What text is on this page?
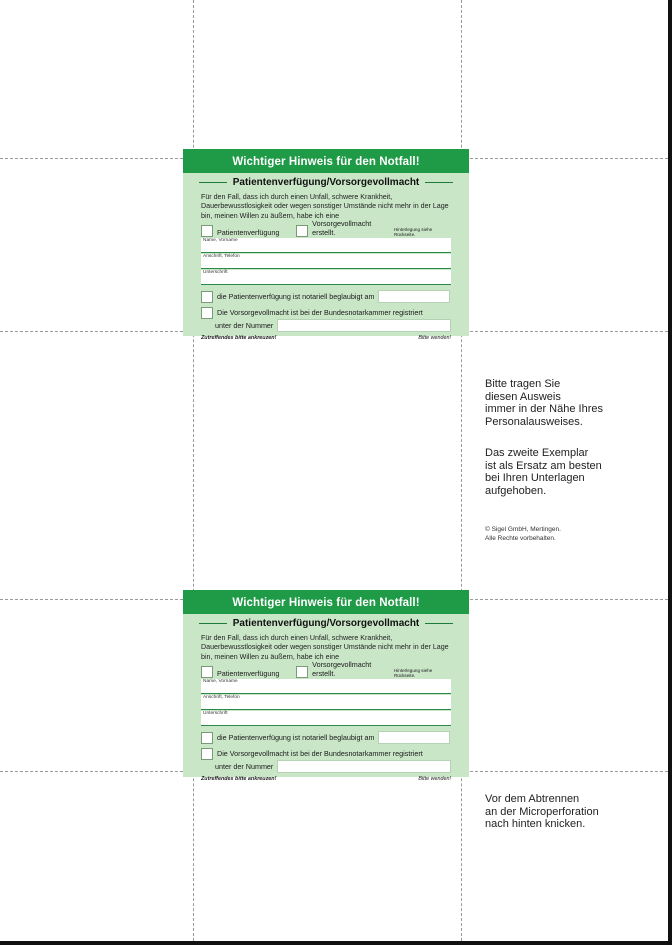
Wichtiger Hinweis für den Notfall!
Patientenverfügung/Vorsorgevollmacht
Für den Fall, dass ich durch einen Unfall, schwere Krankheit, Dauerbewusstlosigkeit oder wegen sonstiger Umstände nicht mehr in der Lage bin, meinen Willen zu äußern, habe ich eine
Patientenverfügung
Vorsorgevollmacht erstellt.	Hinterlegung siehe Rückseite.
Name, Vorname
Anschrift, Telefon
Unterschrift
die Patientenverfügung ist notariell beglaubigt am
Die Vorsorgevollmacht ist bei der Bundesnotarkammer registriert
unter der Nummer
Zutreffendes bitte ankreuzen!	Bitte wenden!
Wichtiger Hinweis für den Notfall!
Patientenverfügung/Vorsorgevollmacht
Für den Fall, dass ich durch einen Unfall, schwere Krankheit, Dauerbewusstlosigkeit oder wegen sonstiger Umstände nicht mehr in der Lage bin, meinen Willen zu äußern, habe ich eine
Patientenverfügung
Vorsorgevollmacht erstellt.	Hinterlegung siehe Rückseite.
Name, Vorname
Anschrift, Telefon
Unterschrift
die Patientenverfügung ist notariell beglaubigt am
Die Vorsorgevollmacht ist bei der Bundesnotarkammer registriert
unter der Nummer
Zutreffendes bitte ankreuzen!	Bitte wenden!
Bitte tragen Sie
diesen Ausweis
immer in der Nähe Ihres
Personalausweises.
Das zweite Exemplar
ist als Ersatz am besten
bei Ihren Unterlagen
aufgehoben.
© Sigel GmbH, Mertingen.
Alle Rechte vorbehalten.
Vor dem Abtrennen
an der Microperforation
nach hinten knicken.
